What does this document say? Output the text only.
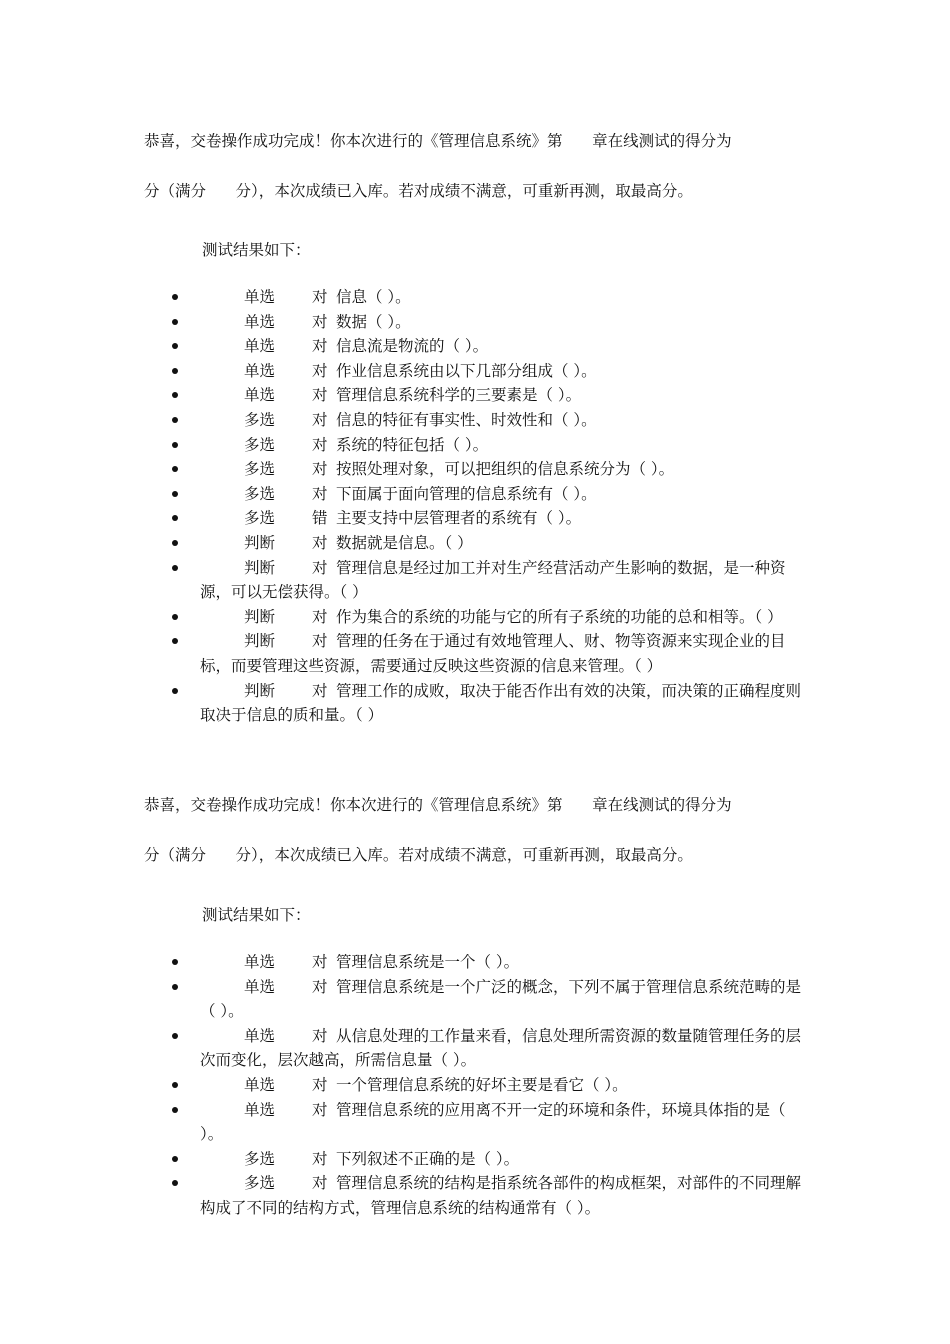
恭喜，交卷操作成功完成！你本次进行的《管理信息系统》第      章在线测试的得分为
分（满分      分），本次成绩已入库。若对成绩不满意，可重新再测，取最高分。
测试结果如下：
单选 对 信息（ ）。
单选 对 数据（ ）。
单选 对 信息流是物流的（ ）。
单选 对 作业信息系统由以下几部分组成（ ）。
单选 对 管理信息系统科学的三要素是（ ）。
多选 对 信息的特征有事实性、时效性和（ ）。
多选 对 系统的特征包括（ ）。
多选 对 按照处理对象，可以把组织的信息系统分为（ ）。
多选 对 下面属于面向管理的信息系统有（ ）。
多选 错 主要支持中层管理者的系统有（ ）。
判断 对 数据就是信息。（ ）
判断 对 管理信息是经过加工并对生产经营活动产生影响的数据，是一种资源，可以无偿获得。（ ）
判断 对 作为集合的系统的功能与它的所有子系统的功能的总和相等。（ ）
判断 对 管理的任务在于通过有效地管理人、财、物等资源来实现企业的目标，而要管理这些资源，需要通过反映这些资源的信息来管理。（ ）
判断 对 管理工作的成败，取决于能否作出有效的决策，而决策的正确程度则取决于信息的质和量。（ ）
恭喜，交卷操作成功完成！你本次进行的《管理信息系统》第      章在线测试的得分为
分（满分      分），本次成绩已入库。若对成绩不满意，可重新再测，取最高分。
测试结果如下：
单选 对 管理信息系统是一个（ ）。
单选 对 管理信息系统是一个广泛的概念，下列不属于管理信息系统范畴的是（ ）。
单选 对 从信息处理的工作量来看，信息处理所需资源的数量随管理任务的层次而变化，层次越高，所需信息量（ ）。
单选 对 一个管理信息系统的好坏主要是看它（ ）。
单选 对 管理信息系统的应用离不开一定的环境和条件，环境具体指的是（ ）。
多选 对 下列叙述不正确的是（ ）。
多选 对 管理信息系统的结构是指系统各部件的构成框架，对部件的不同理解构成了不同的结构方式，管理信息系统的结构通常有（ ）。
